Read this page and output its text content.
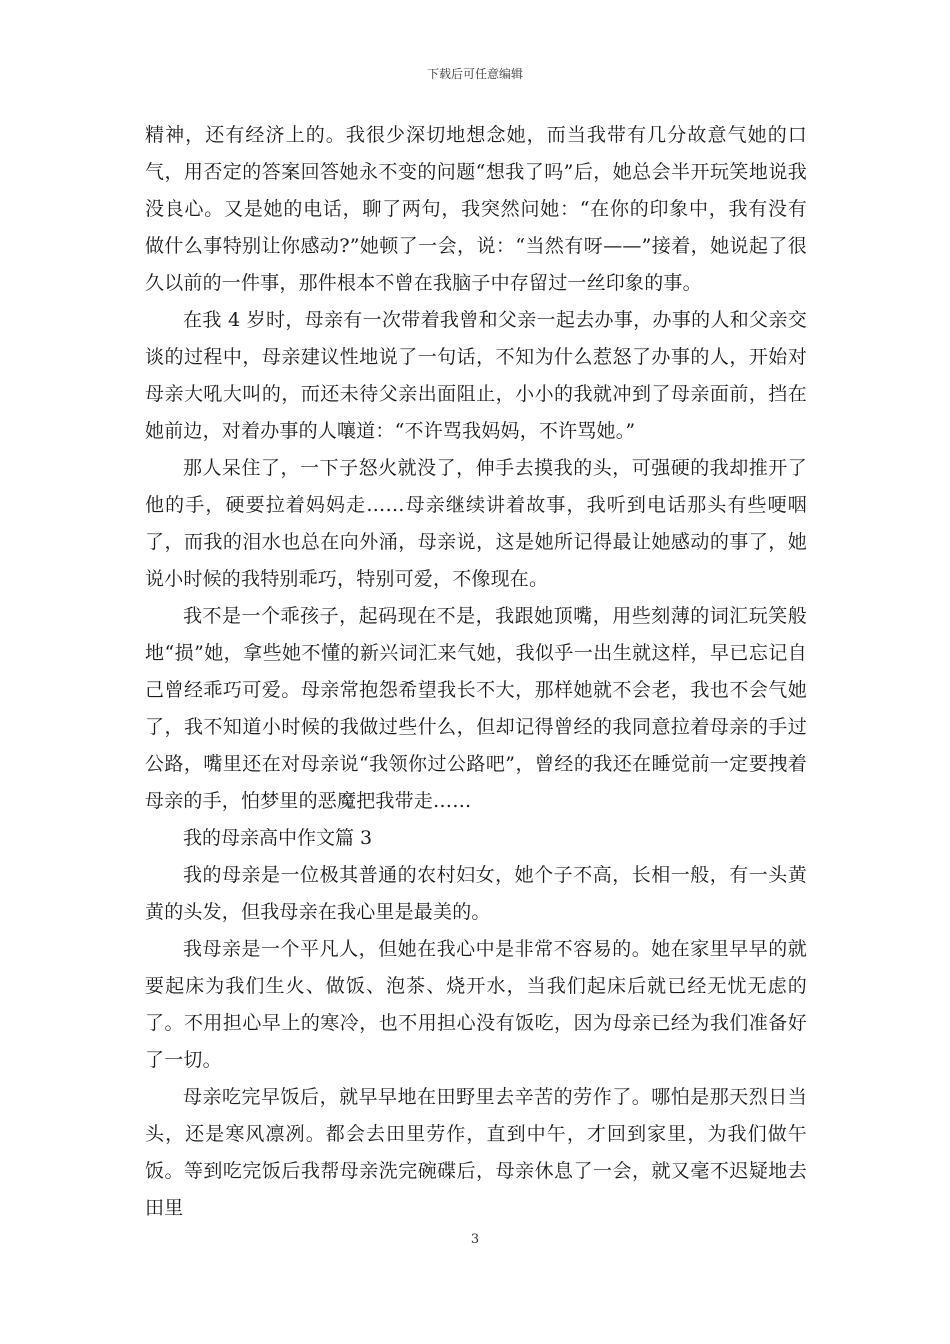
下载后可任意编辑

精神，还有经济上的。我很少深切地想念她，而当我带有几分故意气她的口气，用否定的答案回答她永不变的问题“想我了吗”后，她总会半开玩笑地说我没良心。又是她的电话，聊了两句，我突然问她：“在你的印象中，我有没有做什么事特别让你感动?”她顿了一会，说：“当然有呀——”接着，她说起了很久以前的一件事，那件根本不曾在我脑子中存留过一丝印象的事。

在我 4 岁时，母亲有一次带着我曾和父亲一起去办事，办事的人和父亲交谈的过程中，母亲建议性地说了一句话，不知为什么惹怒了办事的人，开始对母亲大吼大叫的，而还未待父亲出面阻止，小小的我就冲到了母亲面前，挡在她前边，对着办事的人嚷道：“不许骂我妈妈，不许骂她。”

那人呆住了，一下子怒火就没了，伸手去摸我的头，可强硬的我却推开了他的手，硬要拉着妈妈走……母亲继续讲着故事，我听到电话那头有些哽咽了，而我的泪水也总在向外涌，母亲说，这是她所记得最让她感动的事了，她说小时候的我特别乖巧，特别可爱，不像现在。

我不是一个乖孩子，起码现在不是，我跟她顶嘴，用些刻薄的词汇玩笑般地“损”她，拿些她不懂的新兴词汇来气她，我似乎一出生就这样，早已忘记自己曾经乖巧可爱。母亲常抱怨希望我长不大，那样她就不会老，我也不会气她了，我不知道小时候的我做过些什么，但却记得曾经的我同意拉着母亲的手过公路，嘴里还在对母亲说“我领你过公路吧”，曾经的我还在睡觉前一定要拽着母亲的手，怕梦里的恶魔把我带走……

我的母亲高中作文篇 3

我的母亲是一位极其普通的农村妇女，她个子不高，长相一般，有一头黄黄的头发，但我母亲在我心里是最美的。

我母亲是一个平凡人，但她在我心中是非常不容易的。她在家里早早的就要起床为我们生火、做饭、泡茶、烧开水，当我们起床后就已经无忧无虑的了。不用担心早上的寒冷，也不用担心没有饭吃，因为母亲已经为我们准备好了一切。

母亲吃完早饭后，就早早地在田野里去辛苦的劳作了。哪怕是那天烈日当头，还是寒风凛冽。都会去田里劳作，直到中午，才回到家里，为我们做午饭。等到吃完饭后我帮母亲洗完碗碟后，母亲休息了一会，就又毫不迟疑地去田里

3
